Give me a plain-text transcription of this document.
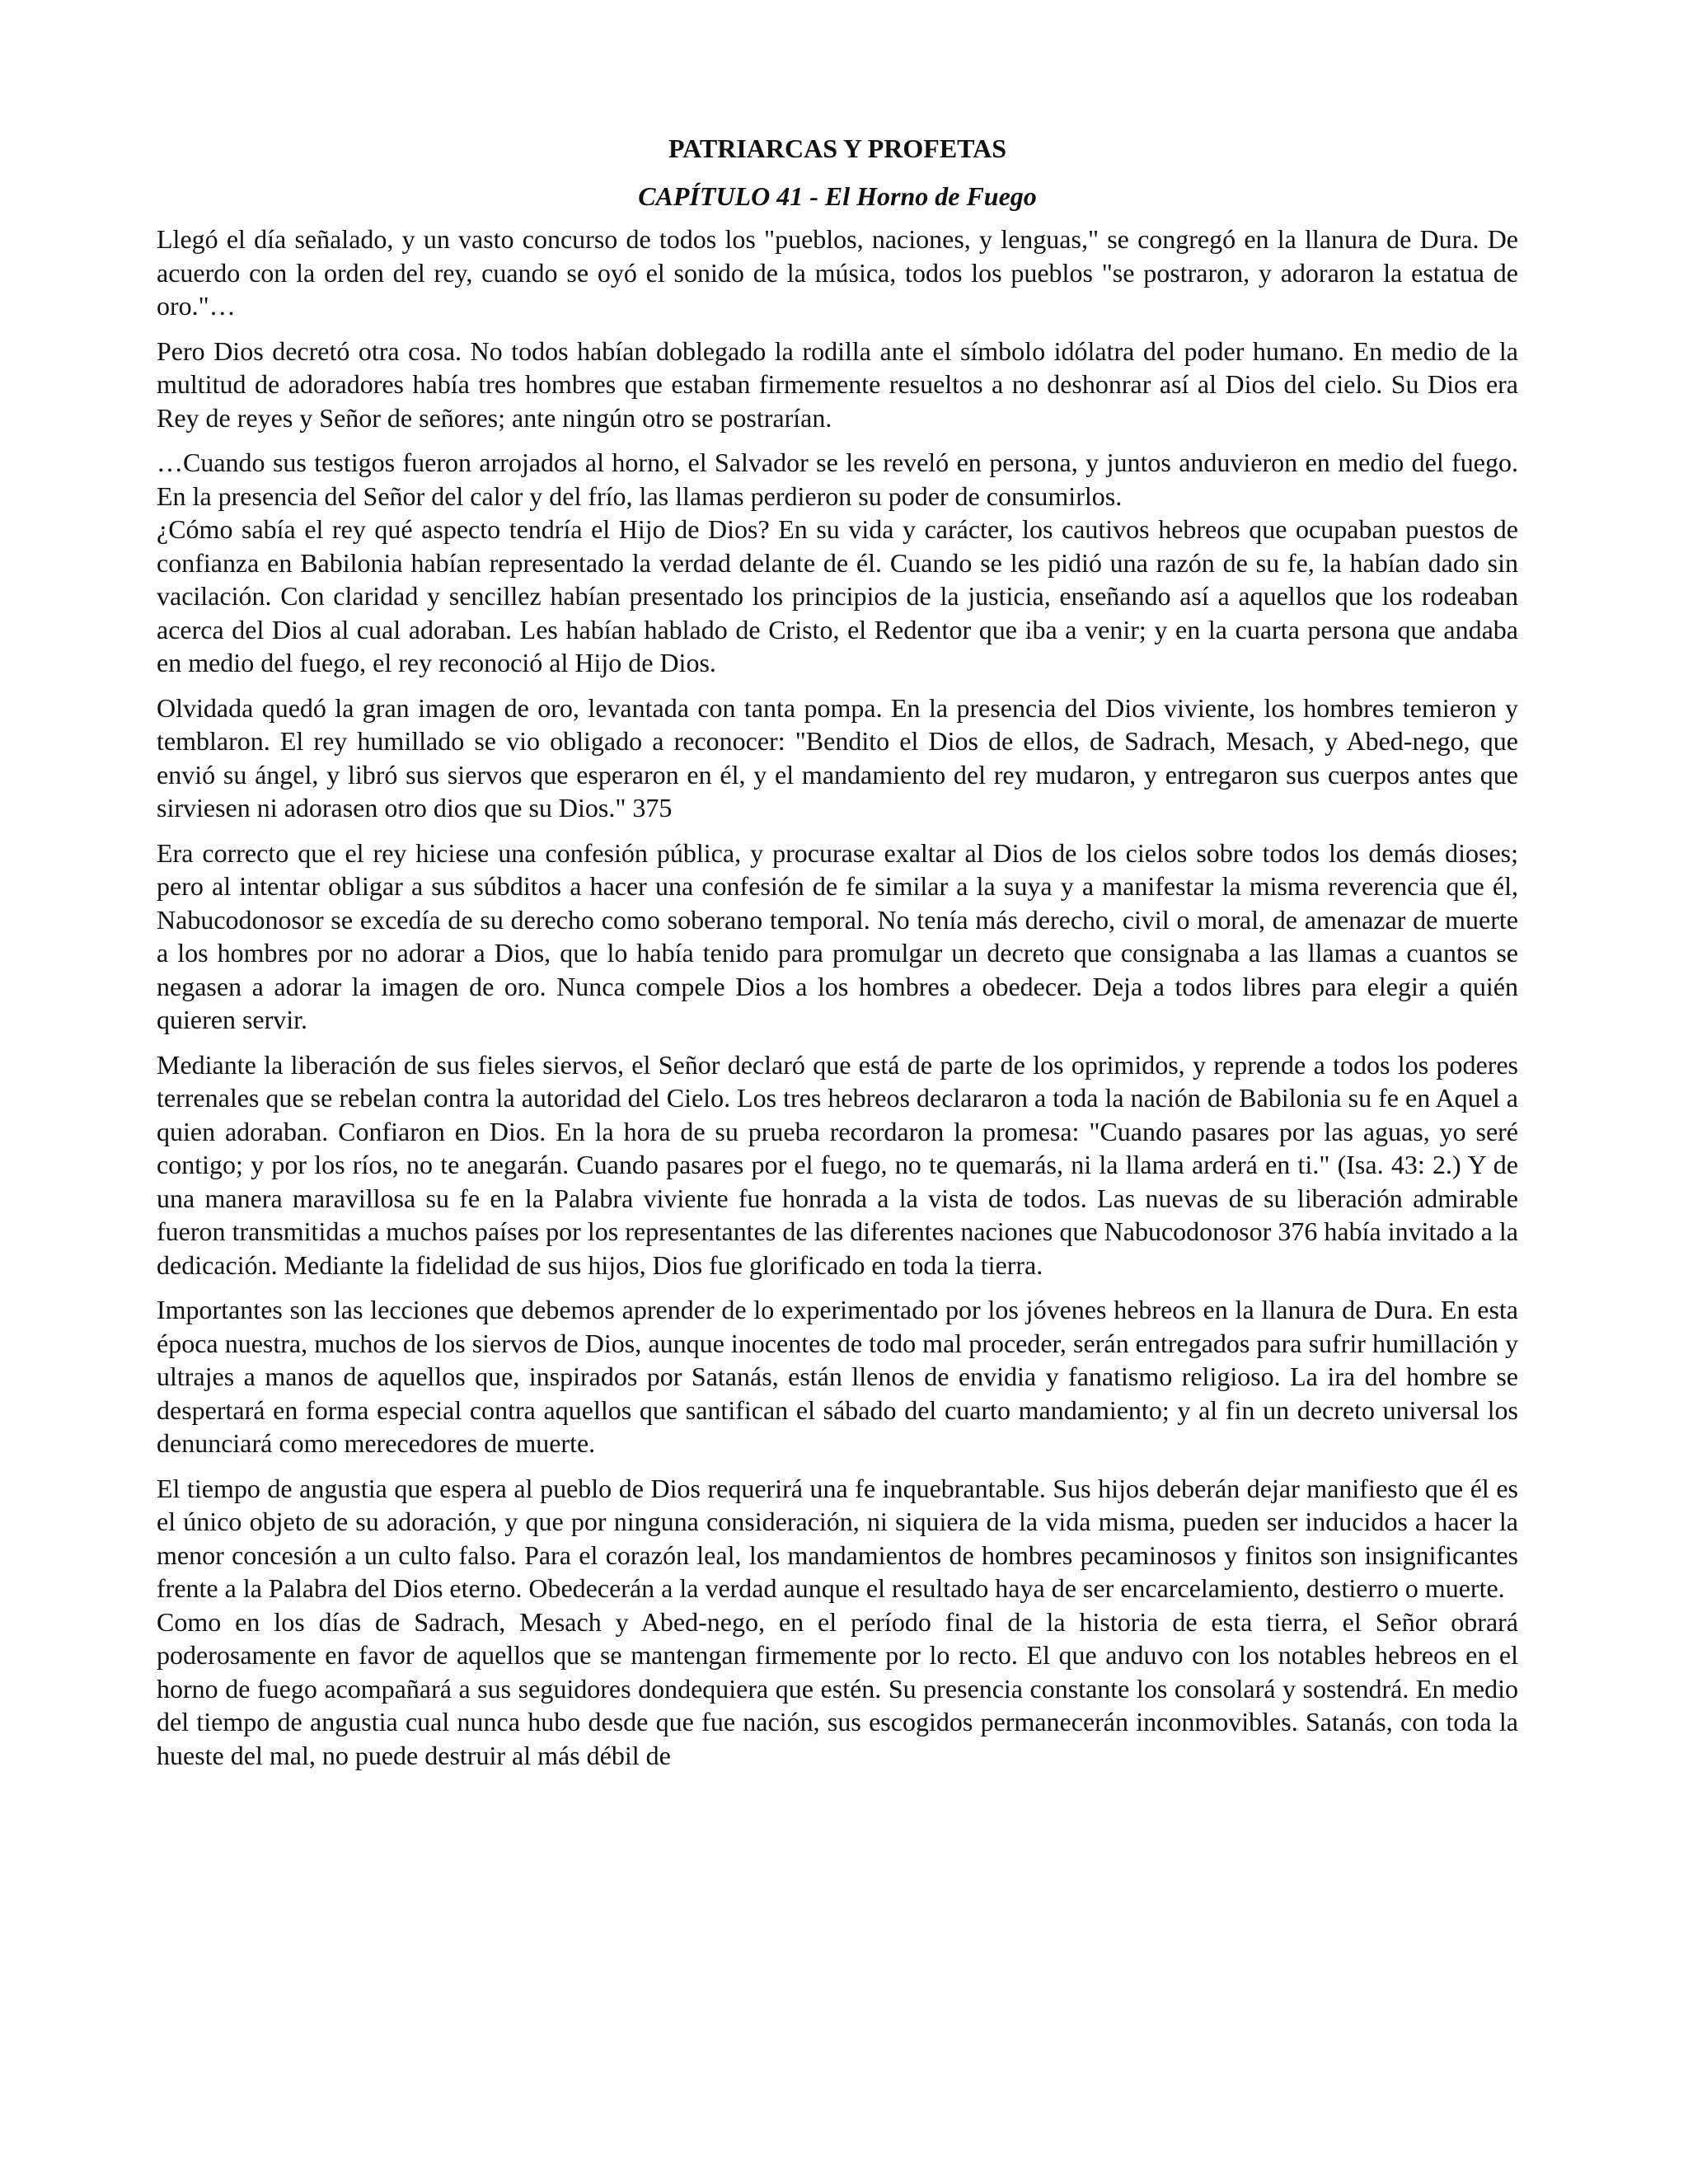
PATRIARCAS Y PROFETAS
CAPÍTULO 41 - El Horno de Fuego

Llegó el día señalado, y un vasto concurso de todos los "pueblos, naciones, y lenguas," se congregó en la llanura de Dura. De acuerdo con la orden del rey, cuando se oyó el sonido de la música, todos los pueblos "se postraron, y adoraron la estatua de oro."…

Pero Dios decretó otra cosa. No todos habían doblegado la rodilla ante el símbolo idólatra del poder humano. En medio de la multitud de adoradores había tres hombres que estaban firmemente resueltos a no deshonrar así al Dios del cielo. Su Dios era Rey de reyes y Señor de señores; ante ningún otro se postrarían.

…Cuando sus testigos fueron arrojados al horno, el Salvador se les reveló en persona, y juntos anduvieron en medio del fuego. En la presencia del Señor del calor y del frío, las llamas perdieron su poder de consumirlos.

¿Cómo sabía el rey qué aspecto tendría el Hijo de Dios? En su vida y carácter, los cautivos hebreos que ocupaban puestos de confianza en Babilonia habían representado la verdad delante de él. Cuando se les pidió una razón de su fe, la habían dado sin vacilación. Con claridad y sencillez habían presentado los principios de la justicia, enseñando así a aquellos que los rodeaban acerca del Dios al cual adoraban. Les habían hablado de Cristo, el Redentor que iba a venir; y en la cuarta persona que andaba en medio del fuego, el rey reconoció al Hijo de Dios.

Olvidada quedó la gran imagen de oro, levantada con tanta pompa. En la presencia del Dios viviente, los hombres temieron y temblaron. El rey humillado se vio obligado a reconocer: "Bendito el Dios de ellos, de Sadrach, Mesach, y Abed-nego, que envió su ángel, y libró sus siervos que esperaron en él, y el mandamiento del rey mudaron, y entregaron sus cuerpos antes que sirviesen ni adorasen otro dios que su Dios." 375

Era correcto que el rey hiciese una confesión pública, y procurase exaltar al Dios de los cielos sobre todos los demás dioses; pero al intentar obligar a sus súbditos a hacer una confesión de fe similar a la suya y a manifestar la misma reverencia que él, Nabucodonosor se excedía de su derecho como soberano temporal. No tenía más derecho, civil o moral, de amenazar de muerte a los hombres por no adorar a Dios, que lo había tenido para promulgar un decreto que consignaba a las llamas a cuantos se negasen a adorar la imagen de oro. Nunca compele Dios a los hombres a obedecer. Deja a todos libres para elegir a quién quieren servir.

Mediante la liberación de sus fieles siervos, el Señor declaró que está de parte de los oprimidos, y reprende a todos los poderes terrenales que se rebelan contra la autoridad del Cielo. Los tres hebreos declararon a toda la nación de Babilonia su fe en Aquel a quien adoraban. Confiaron en Dios. En la hora de su prueba recordaron la promesa: "Cuando pasares por las aguas, yo seré contigo; y por los ríos, no te anegarán. Cuando pasares por el fuego, no te quemarás, ni la llama arderá en ti." (Isa. 43: 2.) Y de una manera maravillosa su fe en la Palabra viviente fue honrada a la vista de todos. Las nuevas de su liberación admirable fueron transmitidas a muchos países por los representantes de las diferentes naciones que Nabucodonosor 376 había invitado a la dedicación. Mediante la fidelidad de sus hijos, Dios fue glorificado en toda la tierra.

Importantes son las lecciones que debemos aprender de lo experimentado por los jóvenes hebreos en la llanura de Dura. En esta época nuestra, muchos de los siervos de Dios, aunque inocentes de todo mal proceder, serán entregados para sufrir humillación y ultrajes a manos de aquellos que, inspirados por Satanás, están llenos de envidia y fanatismo religioso. La ira del hombre se despertará en forma especial contra aquellos que santifican el sábado del cuarto mandamiento; y al fin un decreto universal los denunciará como merecedores de muerte.

El tiempo de angustia que espera al pueblo de Dios requerirá una fe inquebrantable. Sus hijos deberán dejar manifiesto que él es el único objeto de su adoración, y que por ninguna consideración, ni siquiera de la vida misma, pueden ser inducidos a hacer la menor concesión a un culto falso. Para el corazón leal, los mandamientos de hombres pecaminosos y finitos son insignificantes frente a la Palabra del Dios eterno. Obedecerán a la verdad aunque el resultado haya de ser encarcelamiento, destierro o muerte.

Como en los días de Sadrach, Mesach y Abed-nego, en el período final de la historia de esta tierra, el Señor obrará poderosamente en favor de aquellos que se mantengan firmemente por lo recto. El que anduvo con los notables hebreos en el horno de fuego acompañará a sus seguidores dondequiera que estén. Su presencia constante los consolará y sostendrá. En medio del tiempo de angustia cual nunca hubo desde que fue nación, sus escogidos permanecerán inconmovibles. Satanás, con toda la hueste del mal, no puede destruir al más débil de
